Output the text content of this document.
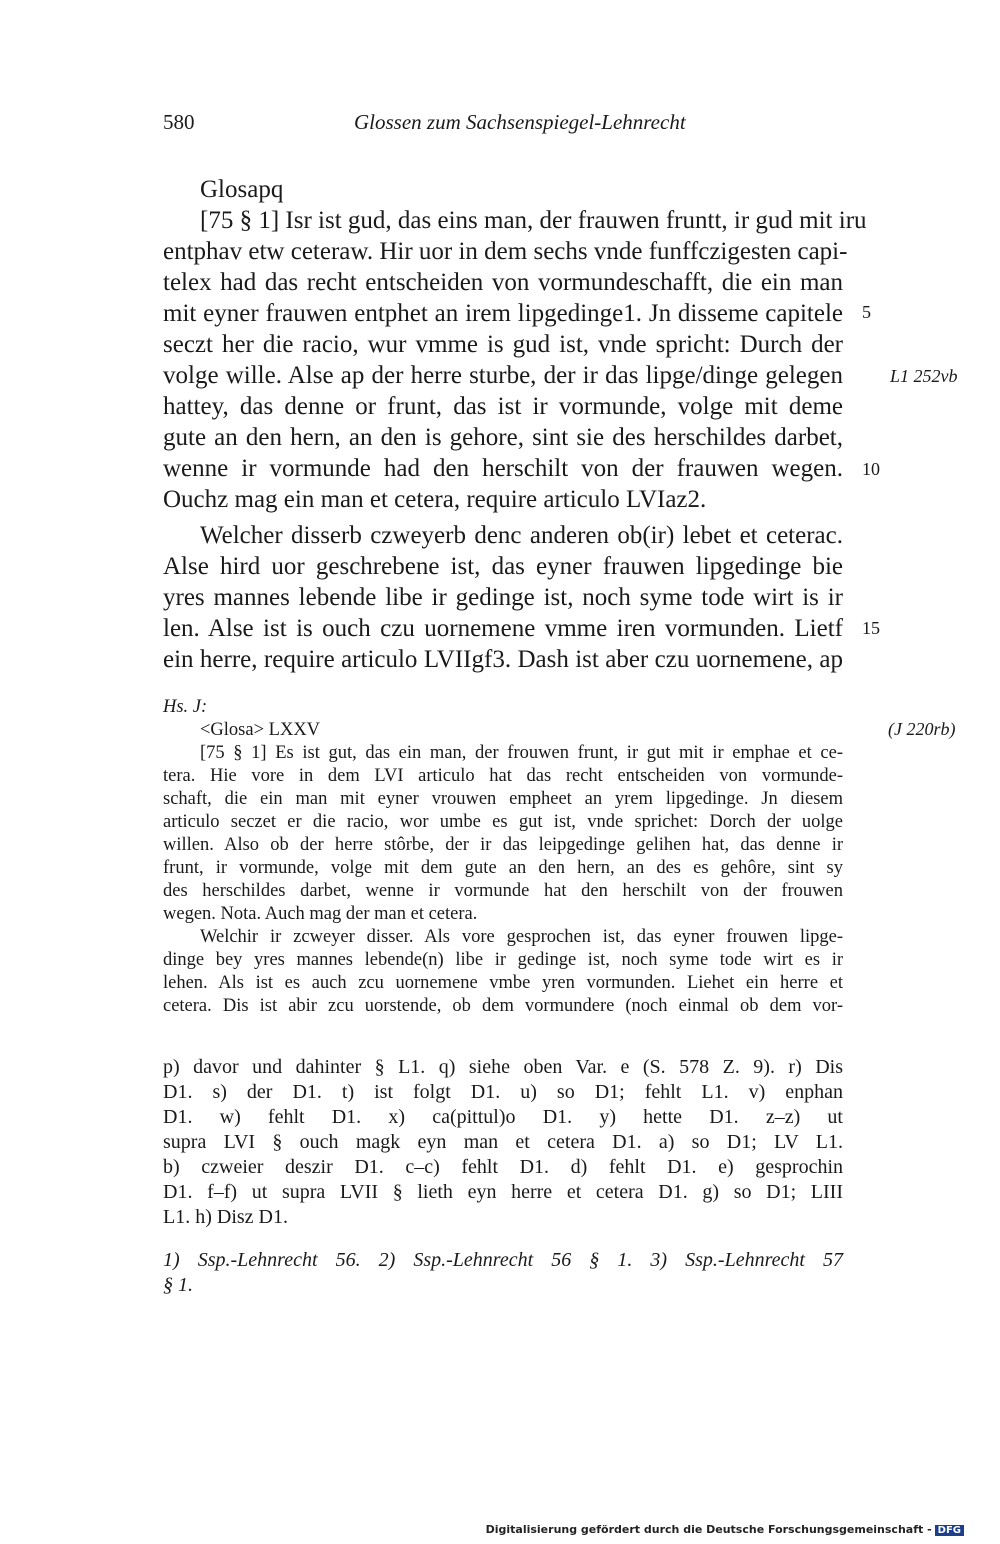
580	Glossen zum Sachsenspiegel-Lehnrecht
Glosapq
[75 § 1] Isr ist gud, das eins man, der frauwen fruntt, ir gud mit iru
entphav etw ceteraw. Hir uor in dem sechs vnde funffczigesten capi-
telex had das recht entscheiden von vormundeschafft, die ein man
mit eyner frauwen entphet an irem lipgedinge1. Jn disseme capitele
seczt her die racio, wur vmme is gud ist, vnde spricht: Durch der
volge wille. Alse ap der herre sturbe, der ir das lipge/dinge gelegen
hattey, das denne or frunt, das ist ir vormunde, volge mit deme
gute an den hern, an den is gehore, sint sie des herschildes darbet,
wenne ir vormunde had den herschilt von der frauwen wegen.
Ouchz mag ein man et cetera, require articulo LVIaz2.
Welcher disserb czweyerb denc anderen ob(ir) lebet et ceterac.
Alse hird uor geschrebene ist, das eyner frauwen lipgedinge bie
yres mannes lebende libe ir gedinge ist, noch syme tode wirt is ir
len. Alse ist is ouch czu uornemene vmme iren vormunden. Lietf
ein herre, require articulo LVIIgf3. Dash ist aber czu uornemene, ap
5
10
15
L1 252vb
Hs. J:
<Glosa> LXXV	(J 220rb)
[75 § 1] Es ist gut, das ein man, der frouwen frunt, ir gut mit ir emphae et ce-
tera. Hie vore in dem LVI articulo hat das recht entscheiden von vormunde-
schaft, die ein man mit eyner vrouwen empheet an yrem lipgedinge. Jn diesem
articulo seczet er die racio, wor umbe es gut ist, vnde sprichet: Dorch der uolge
willen. Also ob der herre stôrbe, der ir das leipgedinge gelihen hat, das denne ir
frunt, ir vormunde, volge mit dem gute an den hern, an des es gehôre, sint sy
des herschildes darbet, wenne ir vormunde hat den herschilt von der frouwen
wegen. Nota. Auch mag der man et cetera.
Welchir ir zcweyer disser. Als vore gesprochen ist, das eyner frouwen lipge-
dinge bey yres mannes lebende(n) libe ir gedinge ist, noch syme tode wirt es ir
lehen. Als ist es auch zcu uornemene vmbe yren vormunden. Liehet ein herre et
cetera. Dis ist abir zcu uorstende, ob dem vormundere (noch einmal ob dem vor-
p) davor und dahinter § L1. q) siehe oben Var. e (S. 578 Z. 9). r) Dis
D1. s) der D1. t) ist folgt D1. u) so D1; fehlt L1. v) enphan
D1. w) fehlt D1. x) ca(pittul)o D1. y) hette D1. z–z) ut
supra LVI § ouch magk eyn man et cetera D1. a) so D1; LV L1.
b) czweier deszir D1. c–c) fehlt D1. d) fehlt D1. e) gesprochin
D1. f–f) ut supra LVII § lieth eyn herre et cetera D1. g) so D1; LIII
L1. h) Disz D1.
1) Ssp.-Lehnrecht 56. 2) Ssp.-Lehnrecht 56 § 1. 3) Ssp.-Lehnrecht 57
§ 1.
Digitalisierung gefördert durch die Deutsche Forschungsgemeinschaft - DFG
